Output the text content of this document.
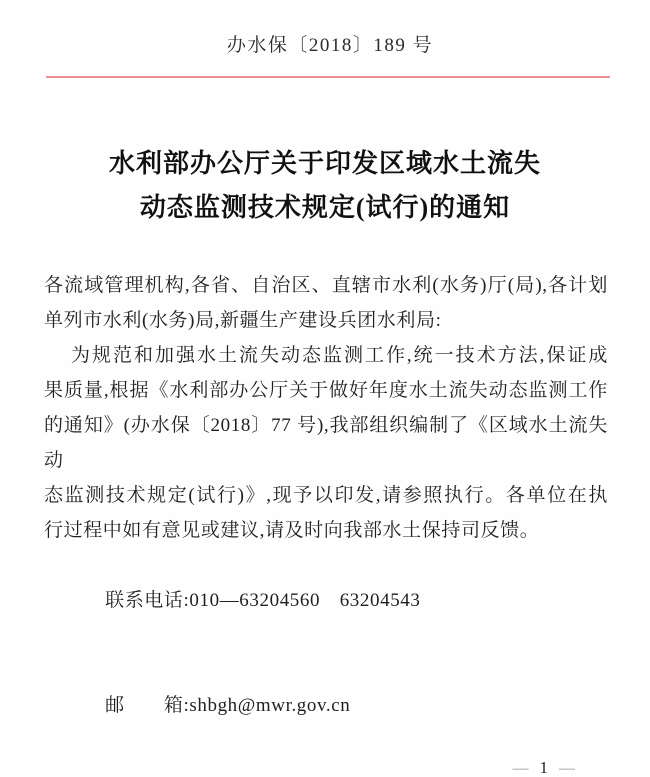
办水保〔2018〕189 号
水利部办公厅关于印发区域水土流失
动态监测技术规定(试行)的通知
各流域管理机构,各省、自治区、直辖市水利(水务)厅(局),各计划
单列市水利(水务)局,新疆生产建设兵团水利局:
为规范和加强水土流失动态监测工作,统一技术方法,保证成
果质量,根据《水利部办公厅关于做好年度水土流失动态监测工作
的通知》(办水保〔2018〕77 号),我部组织编制了《区域水土流失动
态监测技术规定(试行)》,现予以印发,请参照执行。各单位在执
行过程中如有意见或建议,请及时向我部水土保持司反馈。

联系电话:010—63204560　63204543

邮　　箱:shbgh@mwr.gov.cn

— 1 —
